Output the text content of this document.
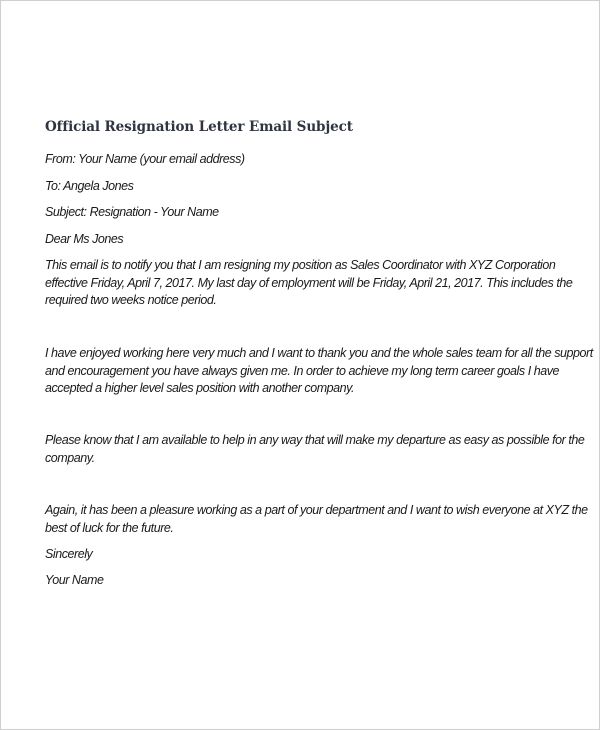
Official Resignation Letter Email Subject
From: Your Name (your email address)
To: Angela Jones
Subject: Resignation - Your Name
Dear Ms Jones
This email is to notify you that I am resigning my position as Sales Coordinator with XYZ Corporation
effective Friday, April 7, 2017. My last day of employment will be Friday, April 21, 2017. This includes the
required two weeks notice period.
I have enjoyed working here very much and I want to thank you and the whole sales team for all the support
and encouragement you have always given me. In order to achieve my long term career goals I have
accepted a higher level sales position with another company.
Please know that I am available to help in any way that will make my departure as easy as possible for the
company.
Again, it has been a pleasure working as a part of your department and I want to wish everyone at XYZ the
best of luck for the future.
Sincerely
Your Name
